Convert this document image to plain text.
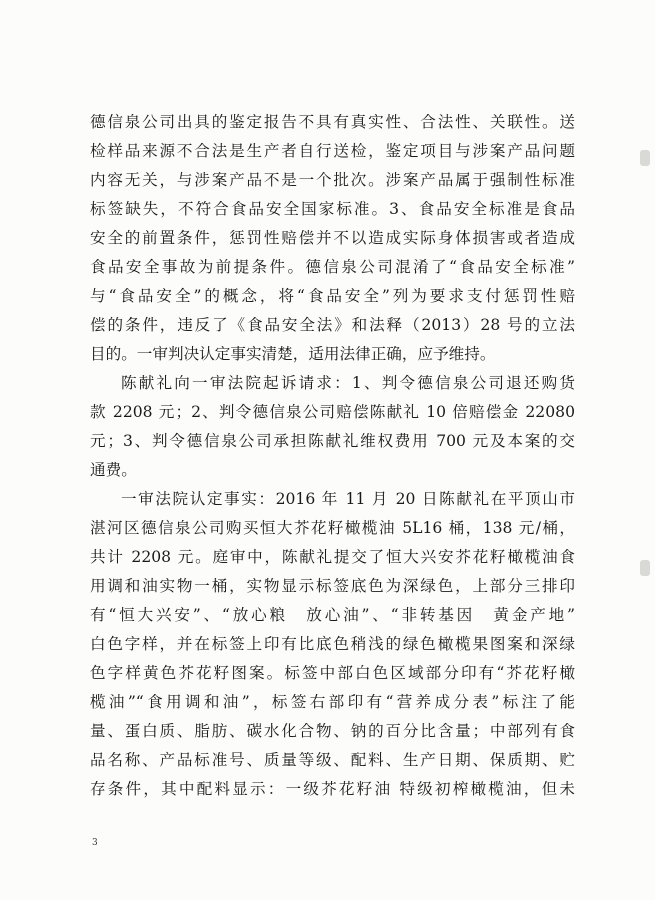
德信泉公司出具的鉴定报告不具有真实性、合法性、关联性。送
检样品来源不合法是生产者自行送检，鉴定项目与涉案产品问题
内容无关，与涉案产品不是一个批次。涉案产品属于强制性标准
标签缺失，不符合食品安全国家标准。3、食品安全标准是食品
安全的前置条件，惩罚性赔偿并不以造成实际身体损害或者造成
食品安全事故为前提条件。德信泉公司混淆了“食品安全标准”
与“食品安全”的概念，将“食品安全”列为要求支付惩罚性赔
偿的条件，违反了《食品安全法》和法释（2013）28 号的立法
目的。一审判决认定事实清楚，适用法律正确，应予维持。
陈献礼向一审法院起诉请求：1、判令德信泉公司退还购货
款 2208 元；2、判令德信泉公司赔偿陈献礼 10 倍赔偿金 22080
元；3、判令德信泉公司承担陈献礼维权费用 700 元及本案的交
通费。
一审法院认定事实：2016 年 11 月 20 日陈献礼在平顶山市
湛河区德信泉公司购买恒大芥花籽橄榄油 5L16 桶，138 元/桶，
共计 2208 元。庭审中，陈献礼提交了恒大兴安芥花籽橄榄油食
用调和油实物一桶，实物显示标签底色为深绿色，上部分三排印
有“恒大兴安”、“放心粮　放心油”、“非转基因　黄金产地”
白色字样，并在标签上印有比底色稍浅的绿色橄榄果图案和深绿
色字样黄色芥花籽图案。标签中部白色区域部分印有“芥花籽橄
榄油”“食用调和油”，标签右部印有“营养成分表”标注了能
量、蛋白质、脂肪、碳水化合物、钠的百分比含量；中部列有食
品名称、产品标准号、质量等级、配料、生产日期、保质期、贮
存条件，其中配料显示：一级芥花籽油 特级初榨橄榄油，但未
3
